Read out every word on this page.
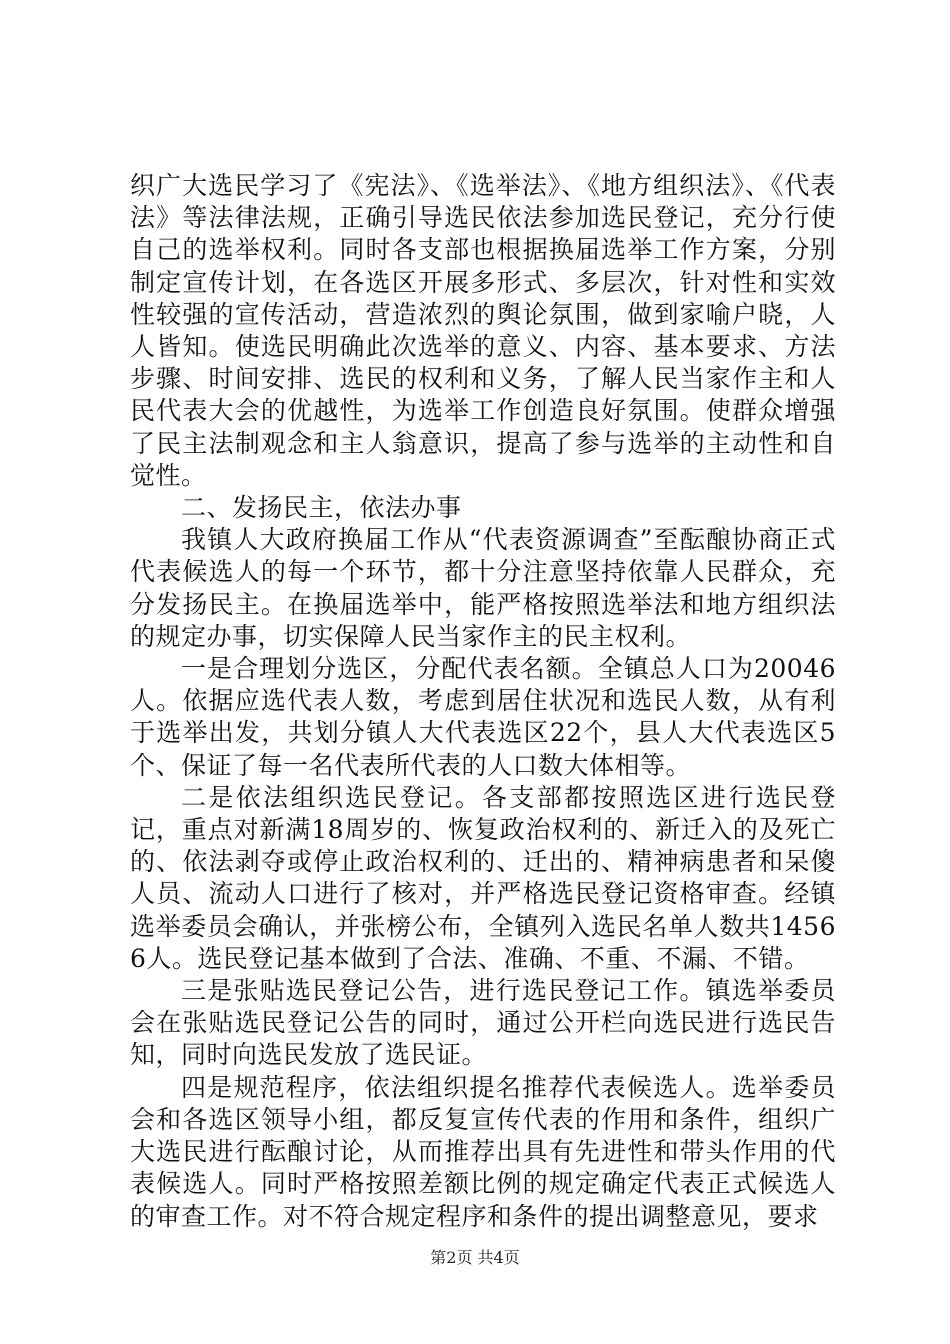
织广大选民学习了《宪法》、《选举法》、《地方组织法》、《代表法》等法律法规，正确引导选民依法参加选民登记，充分行使自己的选举权利。同时各支部也根据换届选举工作方案，分别制定宣传计划，在各选区开展多形式、多层次，针对性和实效性较强的宣传活动，营造浓烈的舆论氛围，做到家喻户晓，人人皆知。使选民明确此次选举的意义、内容、基本要求、方法步骤、时间安排、选民的权利和义务，了解人民当家作主和人民代表大会的优越性，为选举工作创造良好氛围。使群众增强了民主法制观念和主人翁意识，提高了参与选举的主动性和自觉性。

二、发扬民主，依法办事

我镇人大政府换届工作从“代表资源调查”至酝酿协商正式代表候选人的每一个环节，都十分注意坚持依靠人民群众，充分发扬民主。在换届选举中，能严格按照选举法和地方组织法的规定办事，切实保障人民当家作主的民主权利。

一是合理划分选区，分配代表名额。全镇总人口为20046人。依据应选代表人数，考虑到居住状况和选民人数，从有利于选举出发，共划分镇人大代表选区22个，县人大代表选区5个、保证了每一名代表所代表的人口数大体相等。

二是依法组织选民登记。各支部都按照选区进行选民登记，重点对新满18周岁的、恢复政治权利的、新迁入的及死亡的、依法剥夺或停止政治权利的、迁出的、精神病患者和呆傻人员、流动人口进行了核对，并严格选民登记资格审查。经镇选举委员会确认，并张榜公布，全镇列入选民名单人数共14566人。选民登记基本做到了合法、准确、不重、不漏、不错。

三是张贴选民登记公告，进行选民登记工作。镇选举委员会在张贴选民登记公告的同时，通过公开栏向选民进行选民告知，同时向选民发放了选民证。

四是规范程序，依法组织提名推荐代表候选人。选举委员会和各选区领导小组，都反复宣传代表的作用和条件，组织广大选民进行酝酿讨论，从而推荐出具有先进性和带头作用的代表候选人。同时严格按照差额比例的规定确定代表正式候选人的审查工作。对不符合规定程序和条件的提出调整意见，要求

第2页 共4页
